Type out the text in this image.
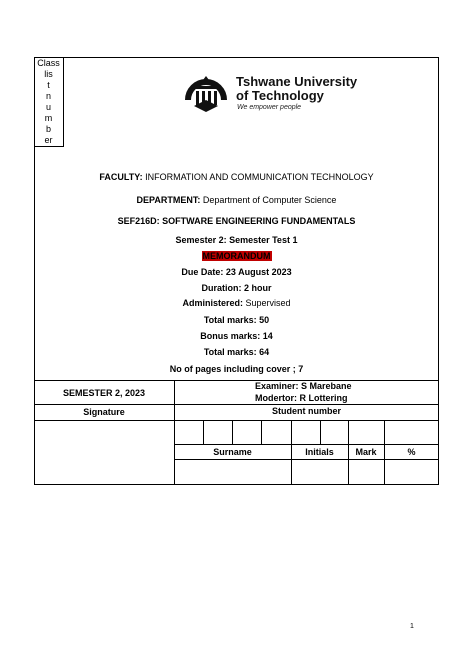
Class
lis
t
n
u
m
b
er
Tshwane University
of Technology
We empower people
FACULTY: INFORMATION AND COMMUNICATION TECHNOLOGY
DEPARTMENT: Department of Computer Science
SEF216D: SOFTWARE ENGINEERING FUNDAMENTALS
Semester 2: Semester Test 1
MEMORANDUM
Due Date: 23 August 2023
Duration: 2 hour
Administered: Supervised
Total marks: 50
Bonus marks: 14
Total marks: 64
No of pages including cover ; 7
SEMESTER 2, 2023
Examiner: S Marebane
Modertor: R Lottering
Signature	Student number
Surname	Initials	Mark	%
1
